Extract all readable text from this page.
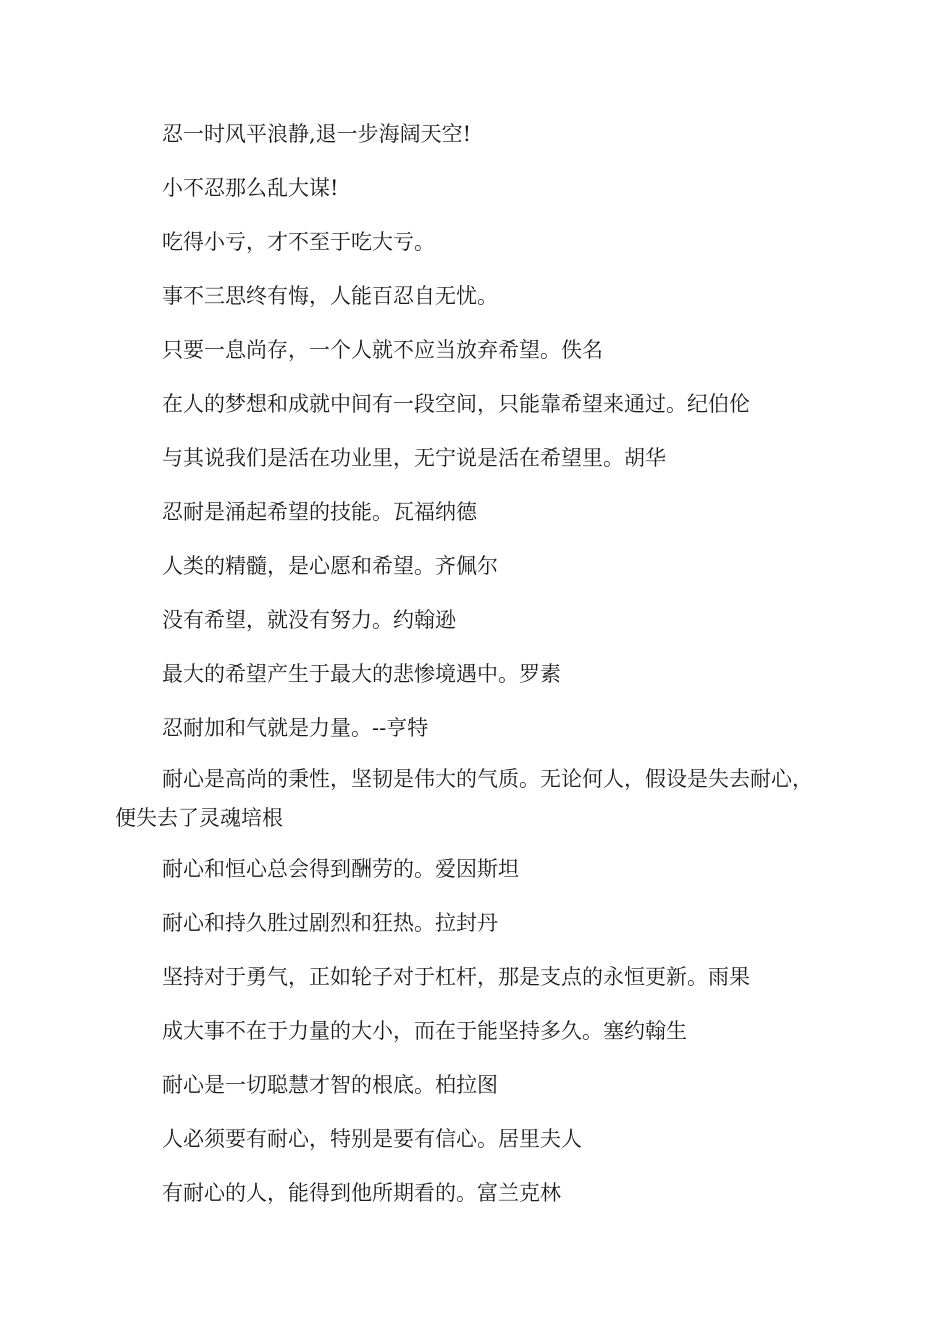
忍一时风平浪静,退一步海阔天空!

小不忍那么乱大谋!

吃得小亏，才不至于吃大亏。

事不三思终有悔，人能百忍自无忧。

只要一息尚存，一个人就不应当放弃希望。佚名

在人的梦想和成就中间有一段空间，只能靠希望来通过。纪伯伦

与其说我们是活在功业里，无宁说是活在希望里。胡华

忍耐是涌起希望的技能。瓦福纳德

人类的精髓，是心愿和希望。齐佩尔

没有希望，就没有努力。约翰逊

最大的希望产生于最大的悲惨境遇中。罗素

忍耐加和气就是力量。--亨特

耐心是高尚的秉性，坚韧是伟大的气质。无论何人，假设是失去耐心，便失去了灵魂培根

耐心和恒心总会得到酬劳的。爱因斯坦

耐心和持久胜过剧烈和狂热。拉封丹

坚持对于勇气，正如轮子对于杠杆，那是支点的永恒更新。雨果

成大事不在于力量的大小，而在于能坚持多久。塞约翰生

耐心是一切聪慧才智的根底。柏拉图

人必须要有耐心，特别是要有信心。居里夫人

有耐心的人，能得到他所期看的。富兰克林
